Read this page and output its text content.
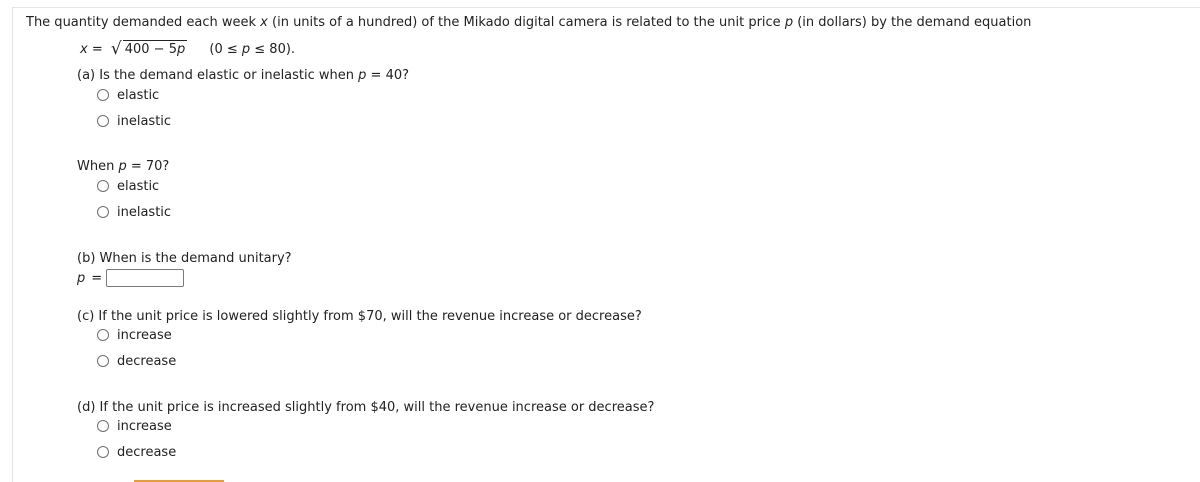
The quantity demanded each week x (in units of a hundred) of the Mikado digital camera is related to the unit price p (in dollars) by the demand equation
x = √ 400 − 5p (0 ≤ p ≤ 80).
(a) Is the demand elastic or inelastic when p = 40?
elastic
inelastic
When p = 70?
elastic
inelastic
(b) When is the demand unitary?
p =
(c) If the unit price is lowered slightly from $70, will the revenue increase or decrease?
increase
decrease
(d) If the unit price is increased slightly from $40, will the revenue increase or decrease?
increase
decrease
